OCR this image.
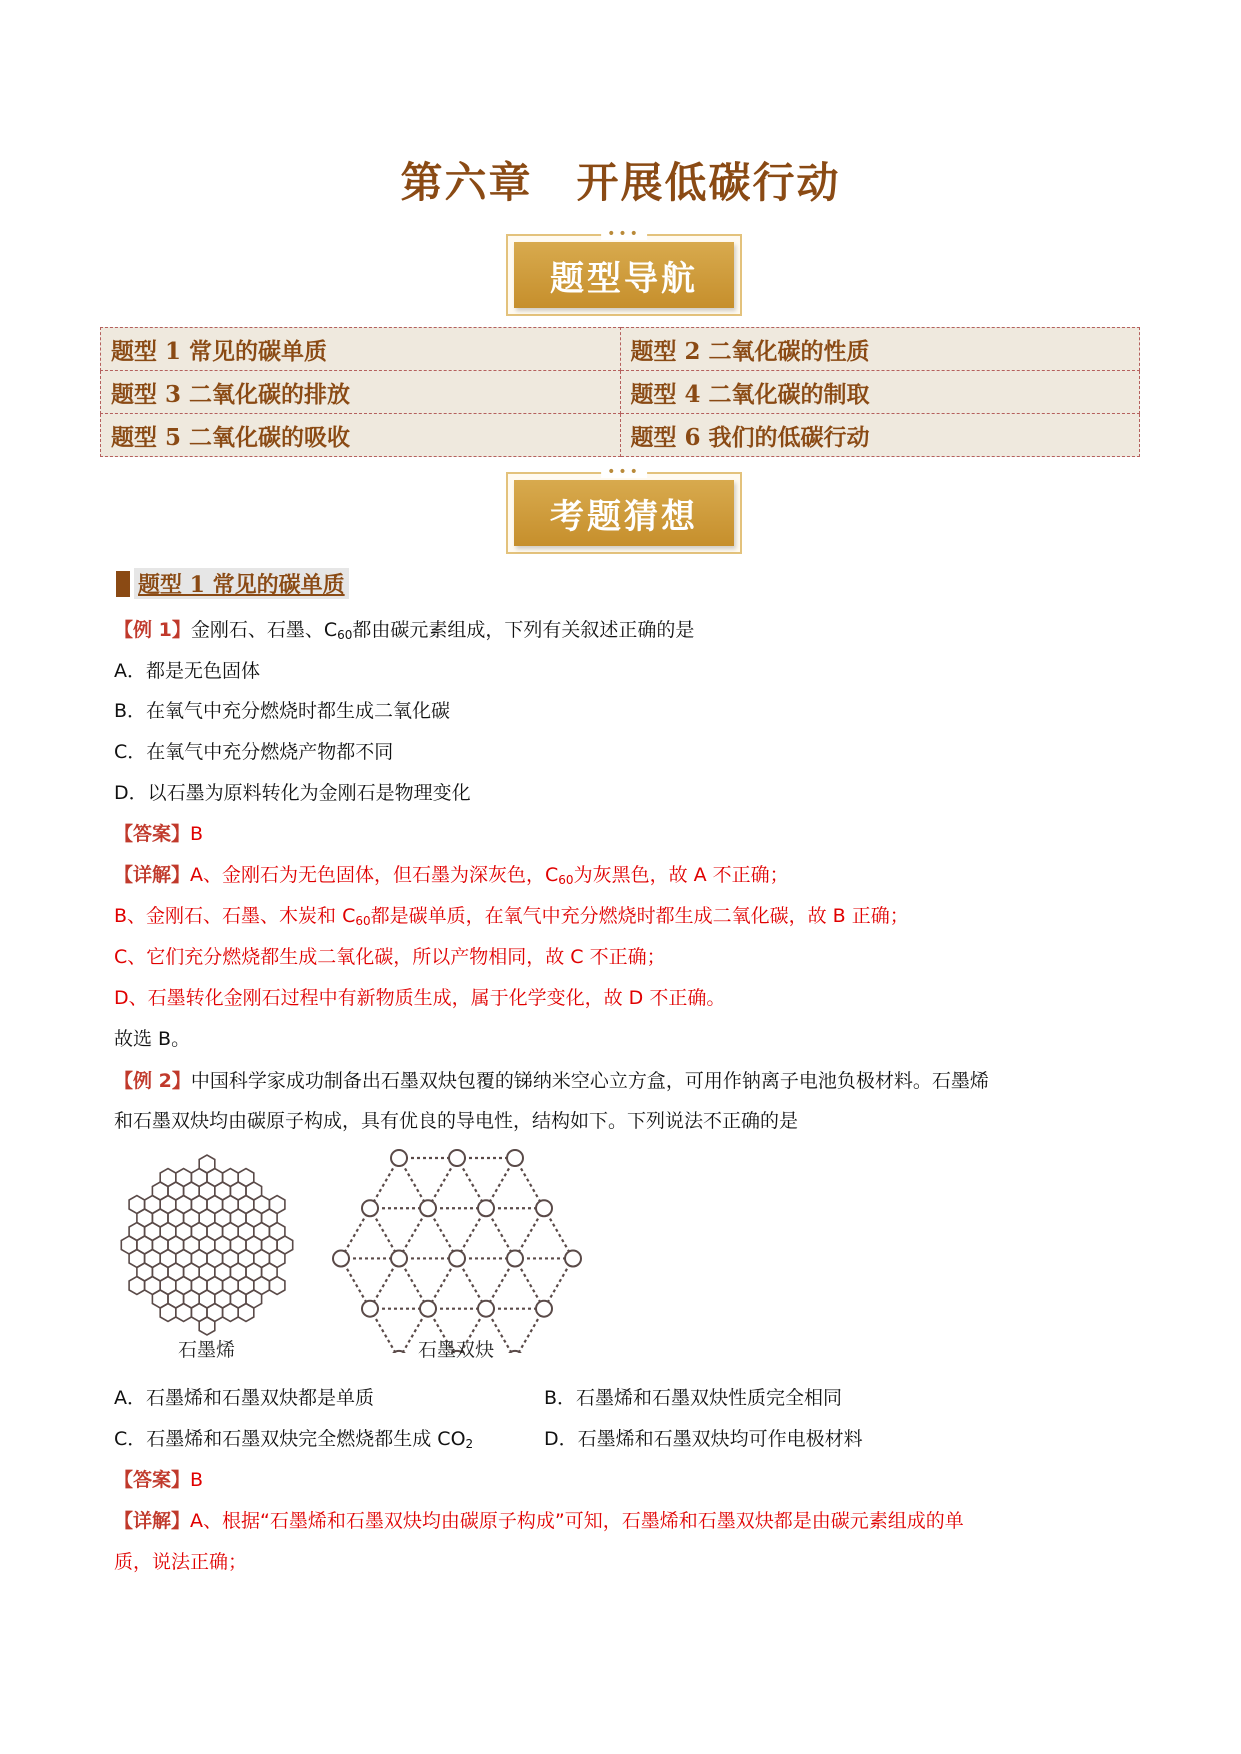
第六章　开展低碳行动
•••
题型导航
题型 1 常见的碳单质	题型 2 二氧化碳的性质
题型 3 二氧化碳的排放	题型 4 二氧化碳的制取
题型 5 二氧化碳的吸收	题型 6 我们的低碳行动
•••
考题猜想
题型 1 常见的碳单质
【例 1】金刚石、石墨、$C_{60}$都由碳元素组成，下列有关叙述正确的是
A．都是无色固体
B．在氧气中充分燃烧时都生成二氧化碳
C．在氧气中充分燃烧产物都不同
D．以石墨为原料转化为金刚石是物理变化
【答案】B
【详解】A、金刚石为无色固体，但石墨为深灰色，$C_{60}$为灰黑色，故 A 不正确；
B、金刚石、石墨、木炭和 $C_{60}$都是碳单质，在氧气中充分燃烧时都生成二氧化碳，故 B 正确；
C、它们充分燃烧都生成二氧化碳，所以产物相同，故 C 不正确；
D、石墨转化金刚石过程中有新物质生成，属于化学变化，故 D 不正确。
故选 B。
【例 2】中国科学家成功制备出石墨双炔包覆的锑纳米空心立方盒，可用作钠离子电池负极材料。石墨烯
和石墨双炔均由碳原子构成，具有优良的导电性，结构如下。下列说法不正确的是
石墨烯	石墨双炔
A．石墨烯和石墨双炔都是单质	B．石墨烯和石墨双炔性质完全相同
C．石墨烯和石墨双炔完全燃烧都生成 $CO_2$	D．石墨烯和石墨双炔均可作电极材料
【答案】B
【详解】A、根据“石墨烯和石墨双炔均由碳原子构成”可知，石墨烯和石墨双炔都是由碳元素组成的单
质，说法正确；
